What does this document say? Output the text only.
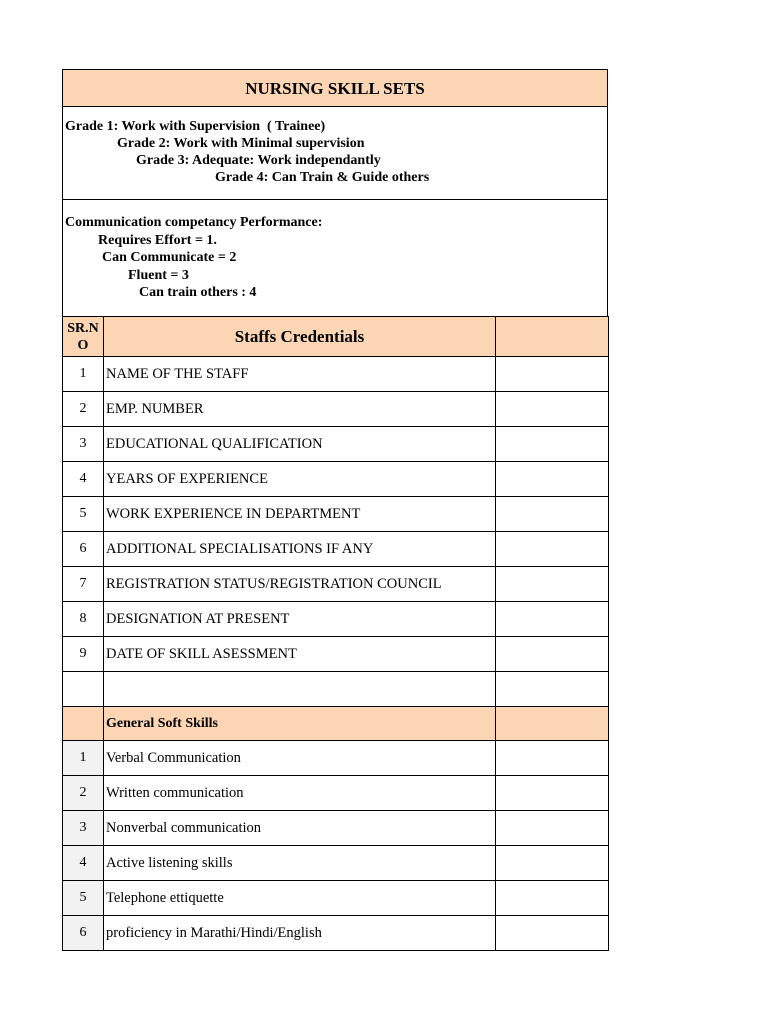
NURSING SKILL SETS
Grade 1: Work with Supervision  ( Trainee)
Grade 2: Work with Minimal supervision
Grade 3: Adequate: Work independantly
Grade 4: Can Train & Guide others
Communication competancy Performance:
Requires Effort = 1.
Can Communicate = 2
Fluent = 3
Can train others : 4
SR.N
O	Staffs Credentials	
1	NAME OF THE STAFF	
2	EMP. NUMBER	
3	EDUCATIONAL QUALIFICATION	
4	YEARS OF EXPERIENCE	
5	WORK EXPERIENCE IN DEPARTMENT	
6	ADDITIONAL SPECIALISATIONS IF ANY	
7	REGISTRATION STATUS/REGISTRATION COUNCIL	
8	DESIGNATION AT PRESENT	
9	DATE OF SKILL ASESSMENT	

	General Soft Skills	
1	Verbal Communication	
2	Written communication	
3	Nonverbal communication	
4	Active listening skills	
5	Telephone ettiquette	
6	proficiency in Marathi/Hindi/English	
